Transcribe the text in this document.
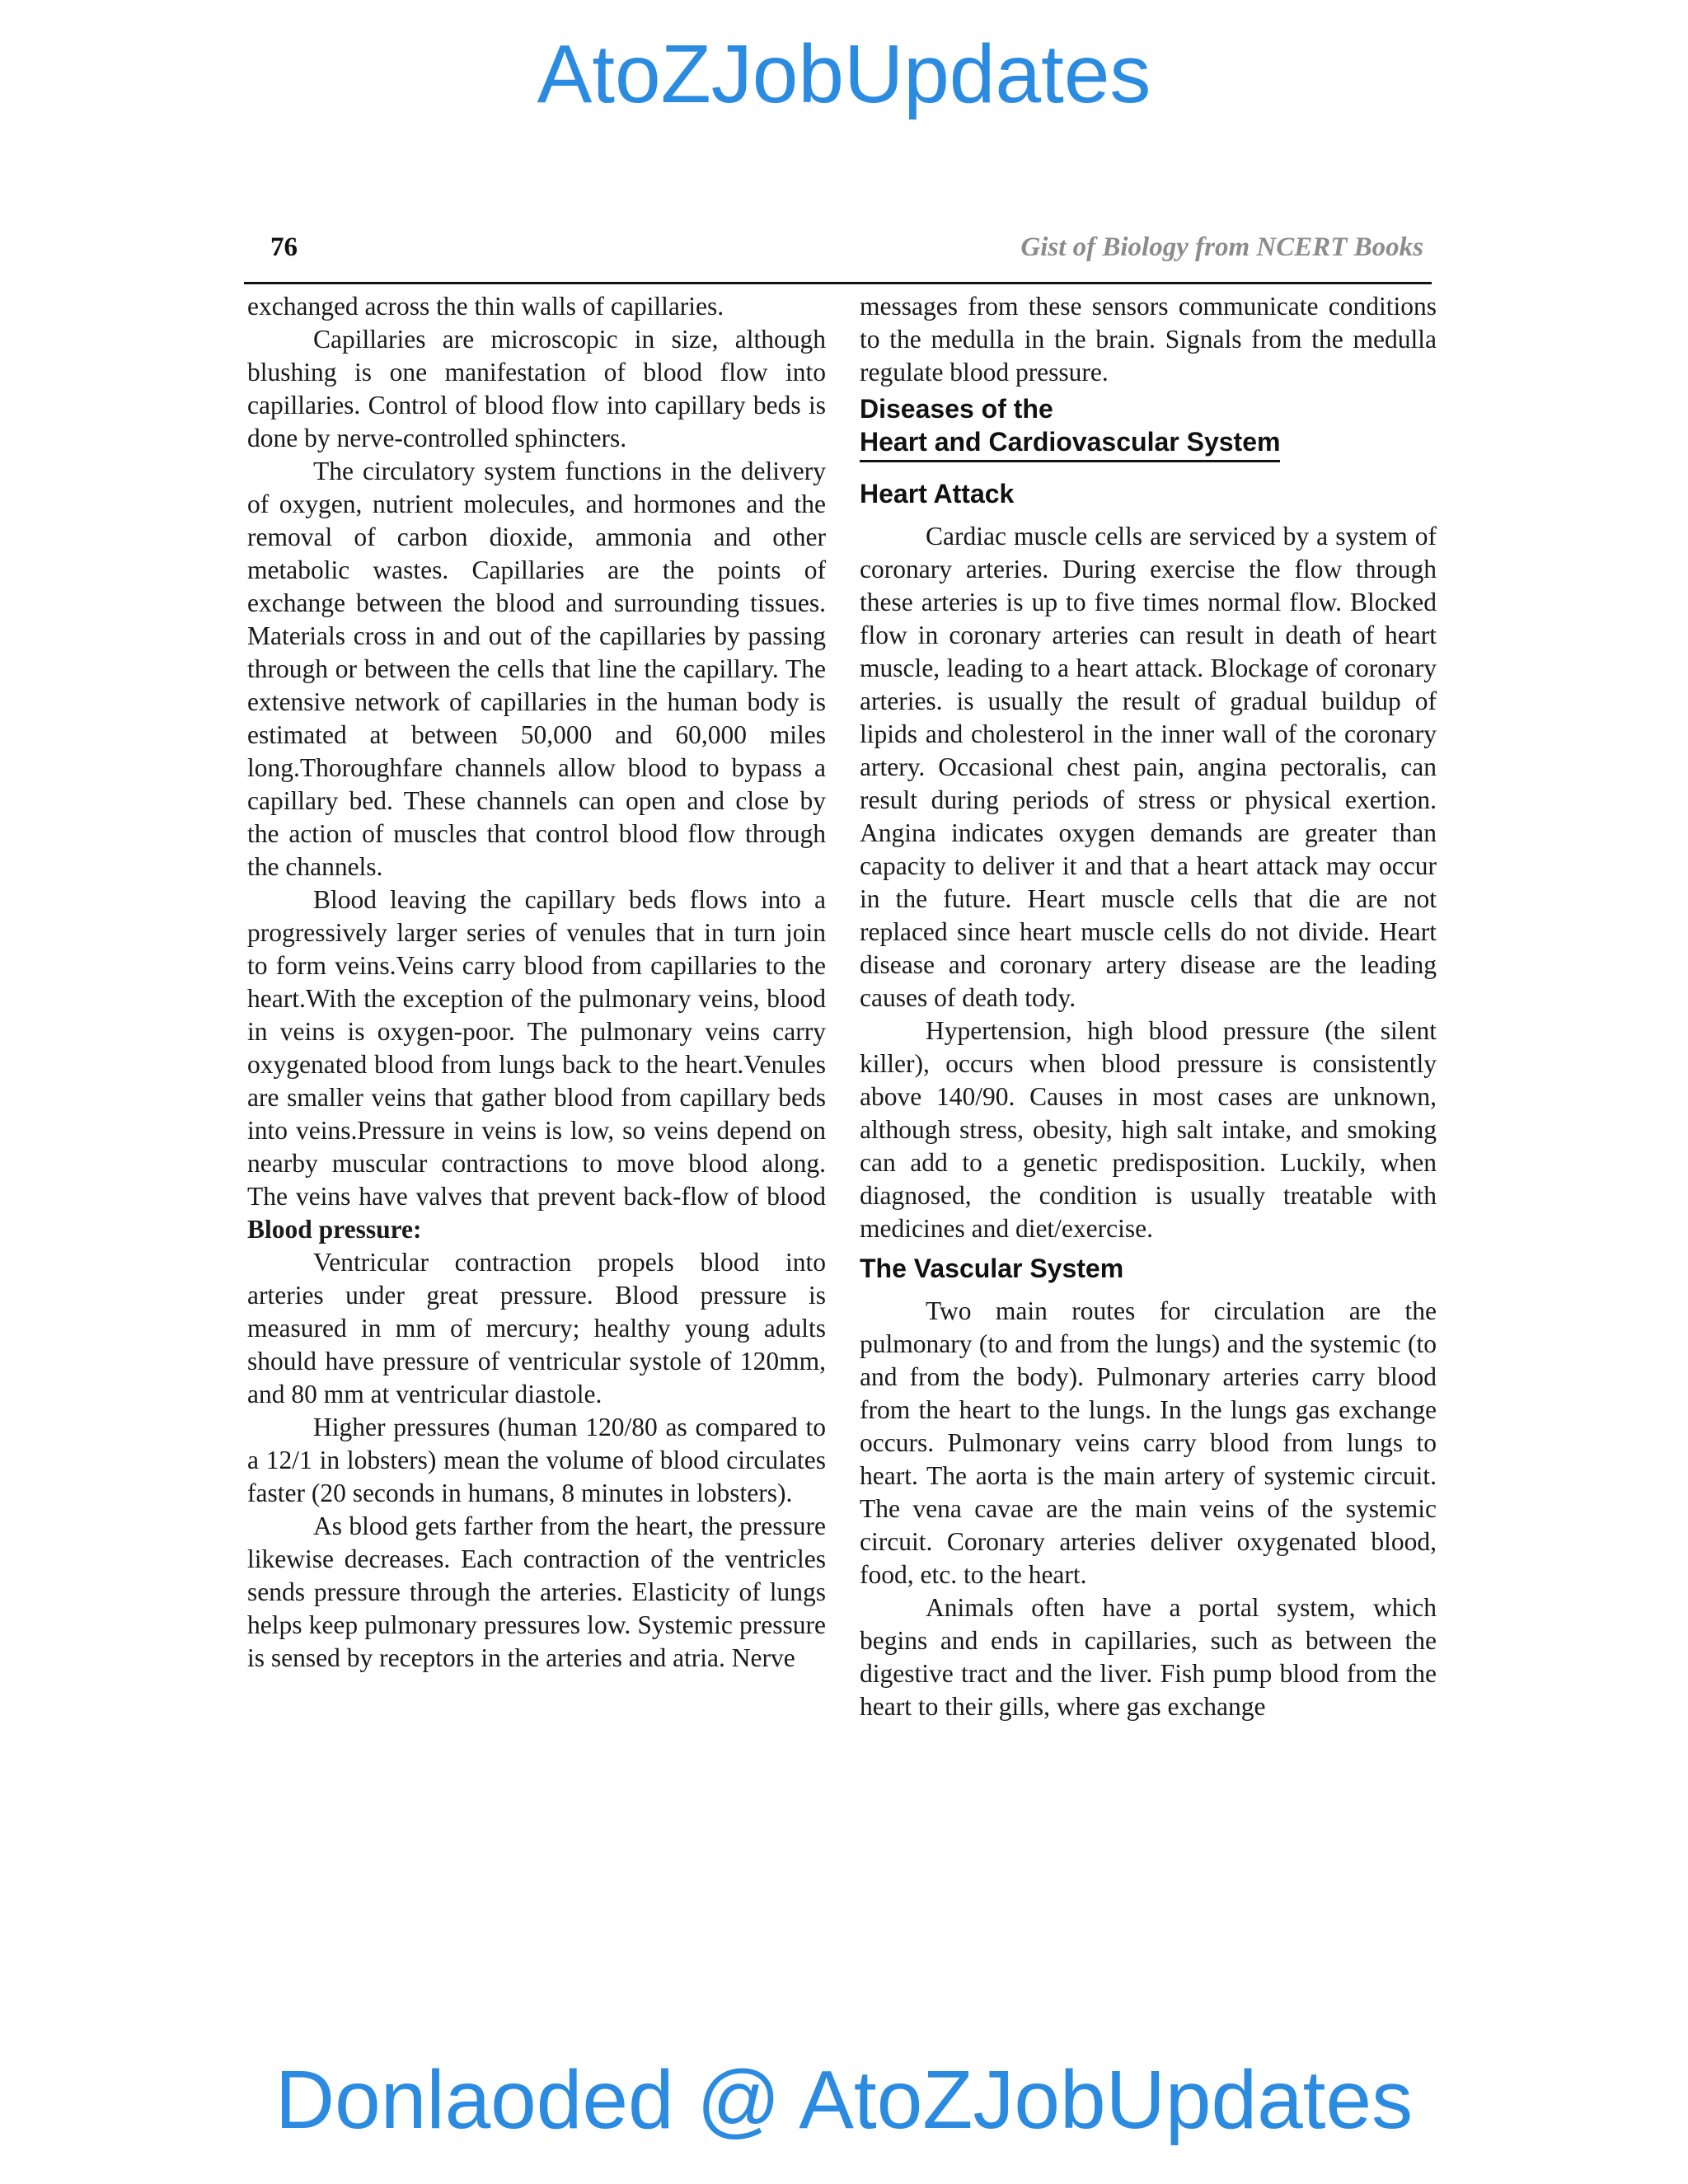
AtoZJobUpdates
76	Gist of Biology from NCERT Books

exchanged across the thin walls of capillaries.

Capillaries are microscopic in size, although blushing is one manifestation of blood flow into capillaries. Control of blood flow into capillary beds is done by nerve-controlled sphincters.

The circulatory system functions in the delivery of oxygen, nutrient molecules, and hormones and the removal of carbon dioxide, ammonia and other metabolic wastes. Capillaries are the points of exchange between the blood and surrounding tissues. Materials cross in and out of the capillaries by passing through or between the cells that line the capillary. The extensive network of capillaries in the human body is estimated at between 50,000 and 60,000 miles long.Thoroughfare channels allow blood to bypass a capillary bed. These channels can open and close by the action of muscles that control blood flow through the channels.

Blood leaving the capillary beds flows into a progressively larger series of venules that in turn join to form veins.Veins carry blood from capillaries to the heart.With the exception of the pulmonary veins, blood in veins is oxygen-poor. The pulmonary veins carry oxygenated blood from lungs back to the heart.Venules are smaller veins that gather blood from capillary beds into veins.Pressure in veins is low, so veins depend on nearby muscular contractions to move blood along. The veins have valves that prevent back-flow of blood Blood pressure:

Ventricular contraction propels blood into arteries under great pressure. Blood pressure is measured in mm of mercury; healthy young adults should have pressure of ventricular systole of 120mm, and 80 mm at ventricular diastole.

Higher pressures (human 120/80 as compared to a 12/1 in lobsters) mean the volume of blood circulates faster (20 seconds in humans, 8 minutes in lobsters).

As blood gets farther from the heart, the pressure likewise decreases. Each contraction of the ventricles sends pressure through the arteries. Elasticity of lungs helps keep pulmonary pressures low. Systemic pressure is sensed by receptors in the arteries and atria. Nerve

messages from these sensors communicate conditions to the medulla in the brain. Signals from the medulla regulate blood pressure.

Diseases of the
Heart and Cardiovascular System
Heart Attack

Cardiac muscle cells are serviced by a system of coronary arteries. During exercise the flow through these arteries is up to five times normal flow. Blocked flow in coronary arteries can result in death of heart muscle, leading to a heart attack. Blockage of coronary arteries. is usually the result of gradual buildup of lipids and cholesterol in the inner wall of the coronary artery. Occasional chest pain, angina pectoralis, can result during periods of stress or physical exertion. Angina indicates oxygen demands are greater than capacity to deliver it and that a heart attack may occur in the future. Heart muscle cells that die are not replaced since heart muscle cells do not divide. Heart disease and coronary artery disease are the leading causes of death tody.

Hypertension, high blood pressure (the silent killer), occurs when blood pressure is consistently above 140/90. Causes in most cases are unknown, although stress, obesity, high salt intake, and smoking can add to a genetic predisposition. Luckily, when diagnosed, the condition is usually treatable with medicines and diet/exercise.

The Vascular System

Two main routes for circulation are the pulmonary (to and from the lungs) and the systemic (to and from the body). Pulmonary arteries carry blood from the heart to the lungs. In the lungs gas exchange occurs. Pulmonary veins carry blood from lungs to heart. The aorta is the main artery of systemic circuit. The vena cavae are the main veins of the systemic circuit. Coronary arteries deliver oxygenated blood, food, etc. to the heart.

Animals often have a portal system, which begins and ends in capillaries, such as between the digestive tract and the liver. Fish pump blood from the heart to their gills, where gas exchange

Donlaoded @ AtoZJobUpdates
